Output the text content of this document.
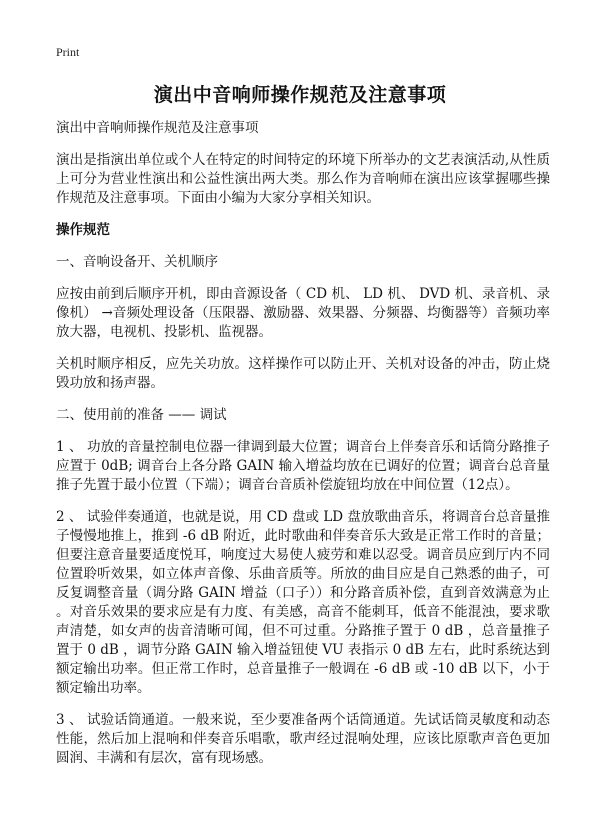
Print
演出中音响师操作规范及注意事项

演出中音响师操作规范及注意事项

演出是指演出单位或个人在特定的时间特定的环境下所举办的文艺表演活动,从性质上可分为营业性演出和公益性演出两大类。那么作为音响师在演出应该掌握哪些操作规范及注意事项。下面由小编为大家分享相关知识。

操作规范

一、音响设备开、关机顺序

应按由前到后顺序开机，即由音源设备（ CD 机、 LD 机、 DVD 机、录音机、录像机） →音频处理设备（压限器、激励器、效果器、分频器、均衡器等）音频功率放大器，电视机、投影机、监视器。

关机时顺序相反，应先关功放。这样操作可以防止开、关机对设备的冲击，防止烧毁功放和扬声器。

二、使用前的准备 —— 调试

1 、 功放的音量控制电位器一律调到最大位置；调音台上伴奏音乐和话筒分路推子应置于 0dB; 调音台上各分路 GAIN 输入增益均放在已调好的位置；调音台总音量推子先置于最小位置（下端）；调音台音质补偿旋钮均放在中间位置（12点）。

2 、 试验伴奏通道，也就是说，用 CD 盘或 LD 盘放歌曲音乐，将调音台总音量推子慢慢地推上，推到 -6 dB 附近，此时歌曲和伴奏音乐大致是正常工作时的音量；但要注意音量要适度悦耳，响度过大易使人疲劳和难以忍受。调音员应到厅内不同位置聆听效果，如立体声音像、乐曲音质等。所放的曲目应是自己熟悉的曲子，可反复调整音量（调分路 GAIN 增益（口子））和分路音质补偿，直到音效满意为止 。对音乐效果的要求应是有力度、有美感，高音不能刺耳，低音不能混浊，要求歌声清楚，如女声的齿音清晰可闻，但不可过重。分路推子置于 0 dB ，总音量推子置于 0 dB ，调节分路 GAIN 输入增益钮使 VU 表指示 0 dB 左右，此时系统达到额定输出功率。但正常工作时，总音量推子一般调在 -6 dB 或 -10 dB 以下，小于额定输出功率。

3 、 试验话筒通道。一般来说，至少要准备两个话筒通道。先试话筒灵敏度和动态性能，然后加上混响和伴奏音乐唱歌，歌声经过混响处理，应该比原歌声音色更加圆润、丰满和有层次，富有现场感。
